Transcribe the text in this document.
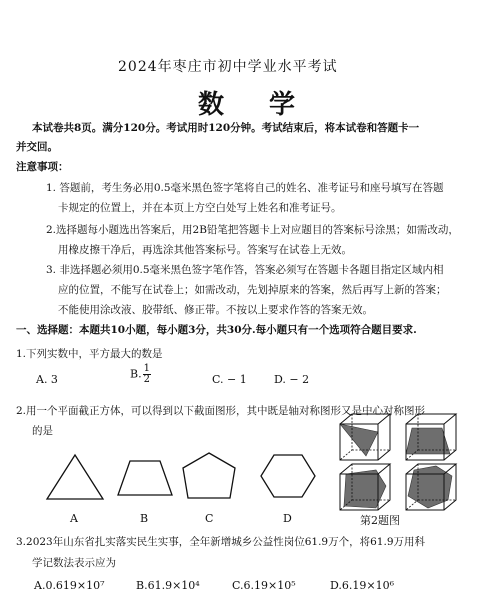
2024年枣庄市初中学业水平考试
数 学
本试卷共8页。满分120分。考试用时120分钟。考试结束后，将本试卷和答题卡一
并交回。
注意事项：
1. 答题前，考生务必用0.5毫米黑色签字笔将自己的姓名、准考证号和座号填写在答题
卡规定的位置上，并在本页上方空白处写上姓名和准考证号。
2.选择题每小题选出答案后，用2B铅笔把答题卡上对应题目的答案标号涂黑；如需改动，
用橡皮擦干净后，再选涂其他答案标号。答案写在试卷上无效。
3. 非选择题必须用0.5毫米黑色签字笔作答，答案必须写在答题卡各题目指定区域内相
应的位置，不能写在试卷上；如需改动，先划掉原来的答案，然后再写上新的答案；
不能使用涂改液、胶带纸、修正带。不按以上要求作答的答案无效。
一、选择题：本题共10小题，每小题3分，共30分.每小题只有一个选项符合题目要求.
1.下列实数中，平方最大的数是
A. 3	B. $\frac{1}{2}$	C. − 1 D. − 2
2.用一个平面截正方体，可以得到以下截面图形，其中既是轴对称图形又是中心对称图形
的是
A	B	C	D	第2题图
3.2023年山东省扎实落实民生实事，全年新增城乡公益性岗位61.9万个，将61.9万用科
学记数法表示应为
A.0.619×10⁷	B.61.9×10⁴	C.6.19×10⁵	D.6.19×10⁶
